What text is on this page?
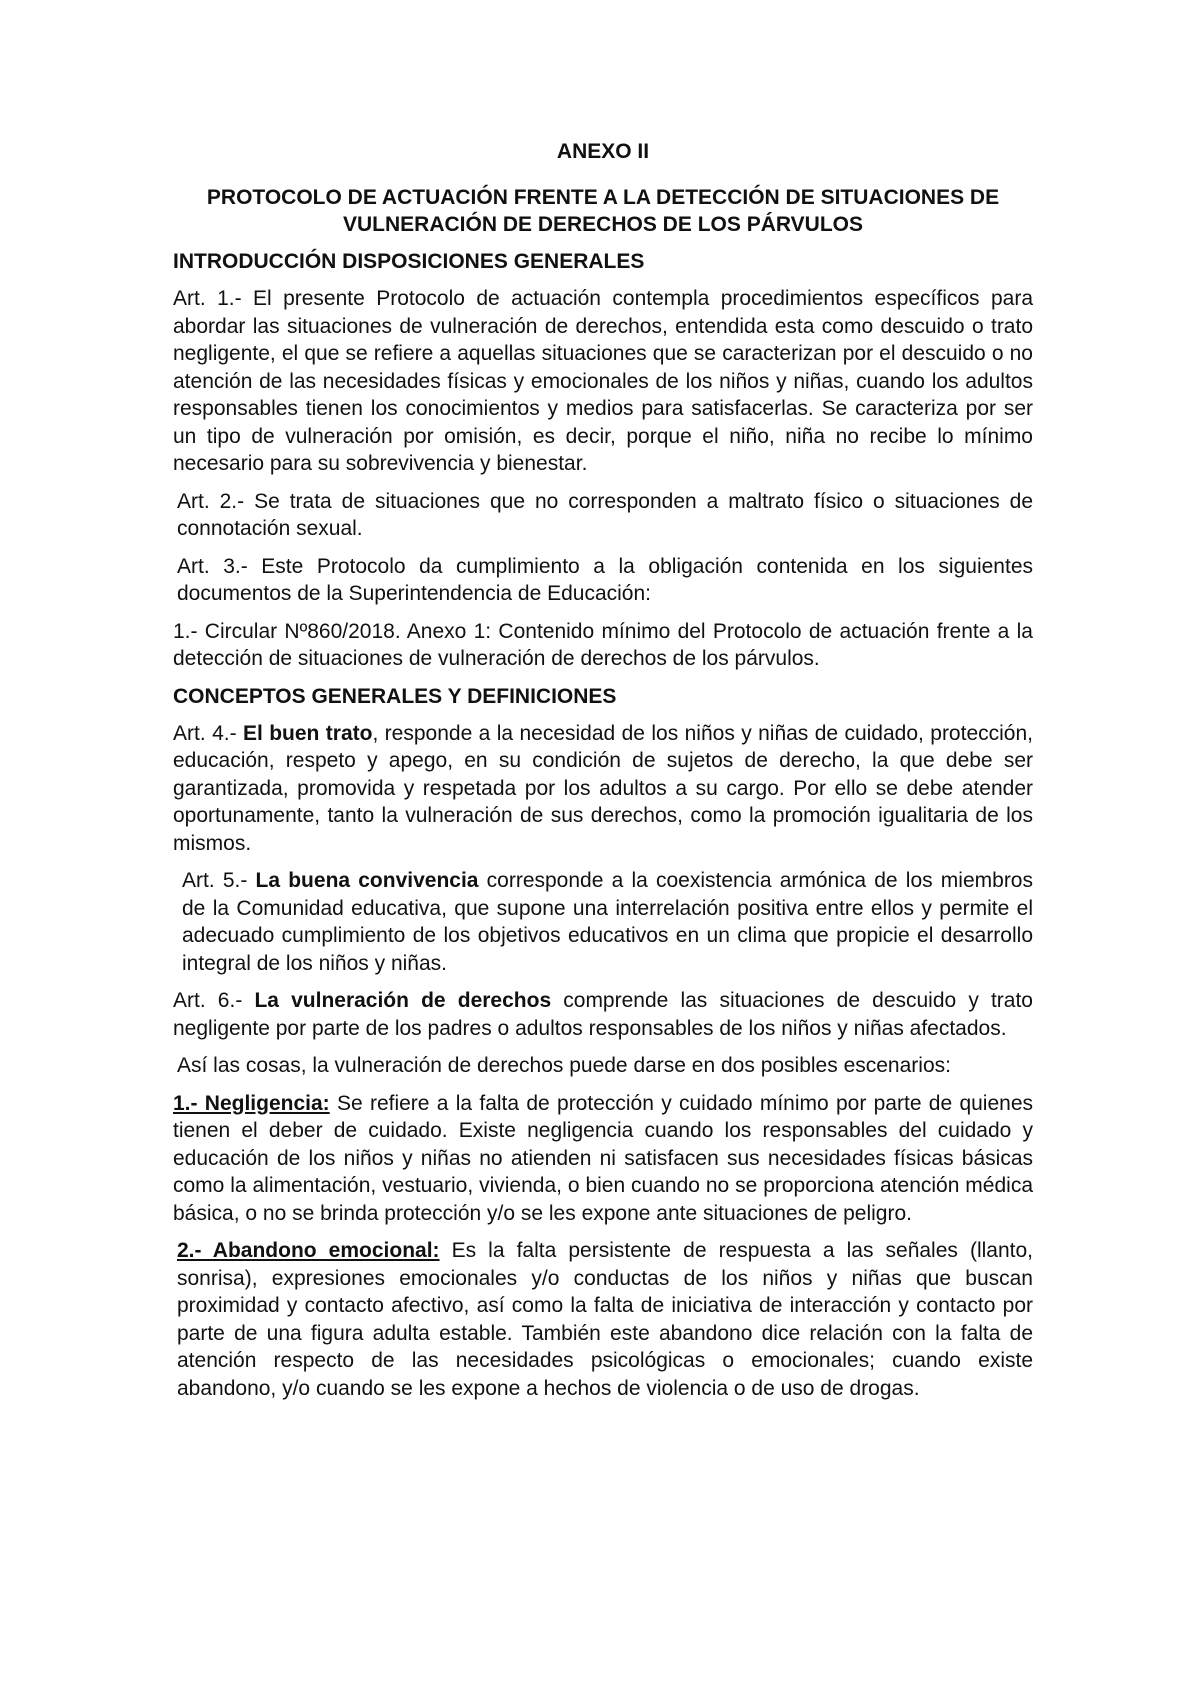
ANEXO II
PROTOCOLO DE ACTUACIÓN FRENTE A LA DETECCIÓN DE SITUACIONES DE VULNERACIÓN DE DERECHOS DE LOS PÁRVULOS
INTRODUCCIÓN DISPOSICIONES GENERALES

Art. 1.- El presente Protocolo de actuación contempla procedimientos específicos para abordar las situaciones de vulneración de derechos, entendida esta como descuido o trato negligente, el que se refiere a aquellas situaciones que se caracterizan por el descuido o no atención de las necesidades físicas y emocionales de los niños y niñas, cuando los adultos responsables tienen los conocimientos y medios para satisfacerlas. Se caracteriza por ser un tipo de vulneración por omisión, es decir, porque el niño, niña no recibe lo mínimo necesario para su sobrevivencia y bienestar.

Art. 2.- Se trata de situaciones que no corresponden a maltrato físico o situaciones de connotación sexual.

Art. 3.- Este Protocolo da cumplimiento a la obligación contenida en los siguientes documentos de la Superintendencia de Educación:

1.- Circular Nº860/2018. Anexo 1: Contenido mínimo del Protocolo de actuación frente a la detección de situaciones de vulneración de derechos de los párvulos.

CONCEPTOS GENERALES Y DEFINICIONES

Art. 4.- El buen trato, responde a la necesidad de los niños y niñas de cuidado, protección, educación, respeto y apego, en su condición de sujetos de derecho, la que debe ser garantizada, promovida y respetada por los adultos a su cargo. Por ello se debe atender oportunamente, tanto la vulneración de sus derechos, como la promoción igualitaria de los mismos.

Art. 5.- La buena convivencia corresponde a la coexistencia armónica de los miembros de la Comunidad educativa, que supone una interrelación positiva entre ellos y permite el adecuado cumplimiento de los objetivos educativos en un clima que propicie el desarrollo integral de los niños y niñas.

Art. 6.- La vulneración de derechos comprende las situaciones de descuido y trato negligente por parte de los padres o adultos responsables de los niños y niñas afectados.

Así las cosas, la vulneración de derechos puede darse en dos posibles escenarios:

1.- Negligencia: Se refiere a la falta de protección y cuidado mínimo por parte de quienes tienen el deber de cuidado. Existe negligencia cuando los responsables del cuidado y educación de los niños y niñas no atienden ni satisfacen sus necesidades físicas básicas como la alimentación, vestuario, vivienda, o bien cuando no se proporciona atención médica básica, o no se brinda protección y/o se les expone ante situaciones de peligro.

2.- Abandono emocional: Es la falta persistente de respuesta a las señales (llanto, sonrisa), expresiones emocionales y/o conductas de los niños y niñas que buscan proximidad y contacto afectivo, así como la falta de iniciativa de interacción y contacto por parte de una figura adulta estable. También este abandono dice relación con la falta de atención respecto de las necesidades psicológicas o emocionales; cuando existe abandono, y/o cuando se les expone a hechos de violencia o de uso de drogas.
